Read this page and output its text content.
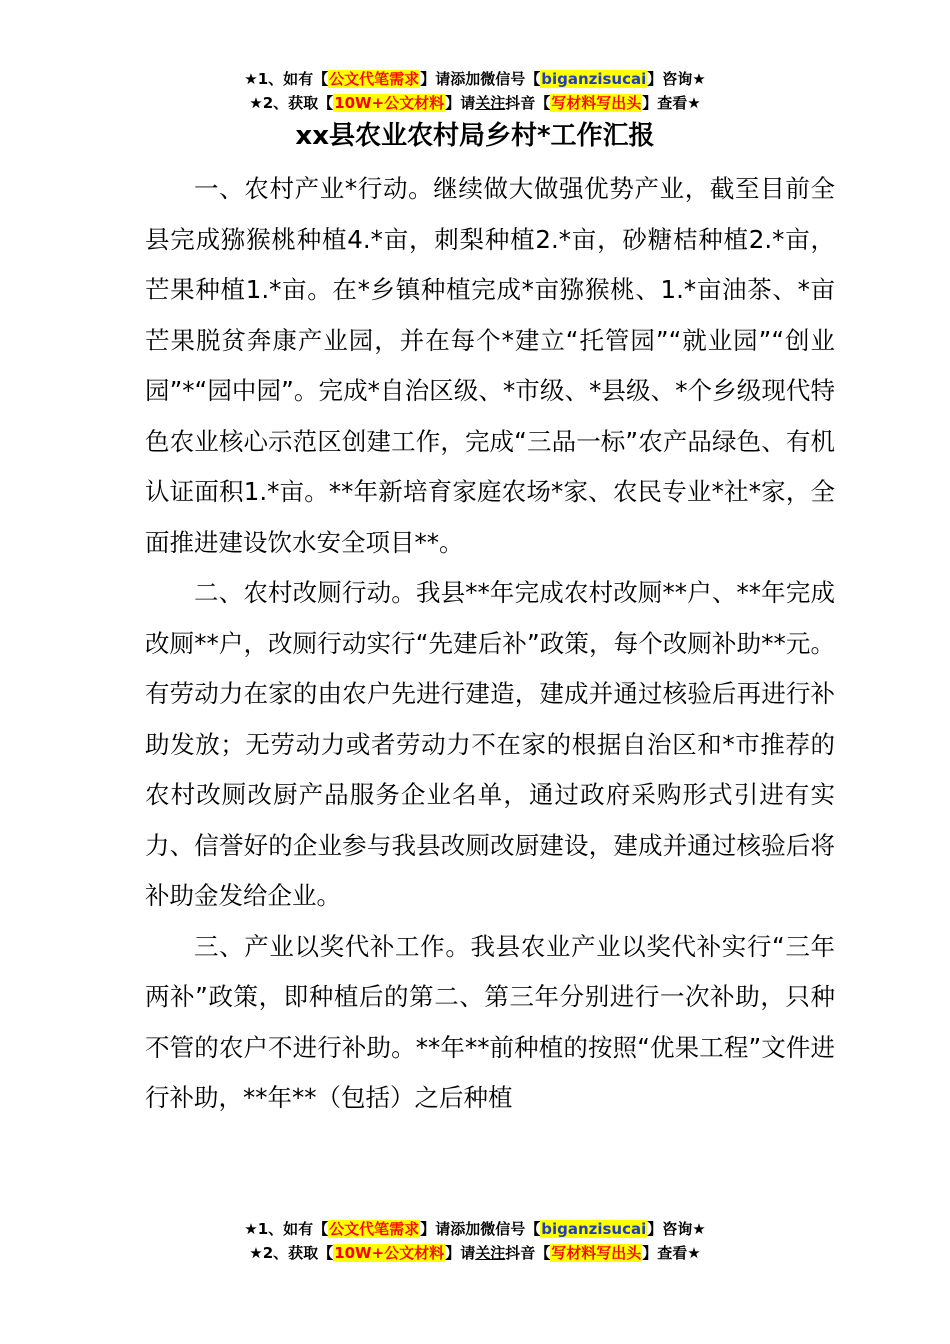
★1、如有【公文代笔需求】请添加微信号【biganzisucai】咨询★
★2、获取【10W+公文材料】请关注抖音【写材料写出头】查看★
xx县农业农村局乡村*工作汇报

一、农村产业*行动。继续做大做强优势产业，截至目前全县完成猕猴桃种植4.*亩，刺梨种植2.*亩，砂糖桔种植2.*亩，芒果种植1.*亩。在*乡镇种植完成*亩猕猴桃、1.*亩油茶、*亩芒果脱贫奔康产业园，并在每个*建立“托管园”“就业园”“创业园”*“园中园”。完成*自治区级、*市级、*县级、*个乡级现代特色农业核心示范区创建工作，完成“三品一标”农产品绿色、有机认证面积1.*亩。**年新培育家庭农场*家、农民专业*社*家，全面推进建设饮水安全项目**。

二、农村改厕行动。我县**年完成农村改厕**户、**年完成改厕**户，改厕行动实行“先建后补”政策，每个改厕补助**元。有劳动力在家的由农户先进行建造，建成并通过核验后再进行补助发放；无劳动力或者劳动力不在家的根据自治区和*市推荐的农村改厕改厨产品服务企业名单，通过政府采购形式引进有实力、信誉好的企业参与我县改厕改厨建设，建成并通过核验后将补助金发给企业。

三、产业以奖代补工作。我县农业产业以奖代补实行“三年两补”政策，即种植后的第二、第三年分别进行一次补助，只种不管的农户不进行补助。**年**前种植的按照“优果工程”文件进行补助，**年**（包括）之后种植

★1、如有【公文代笔需求】请添加微信号【biganzisucai】咨询★
★2、获取【10W+公文材料】请关注抖音【写材料写出头】查看★
